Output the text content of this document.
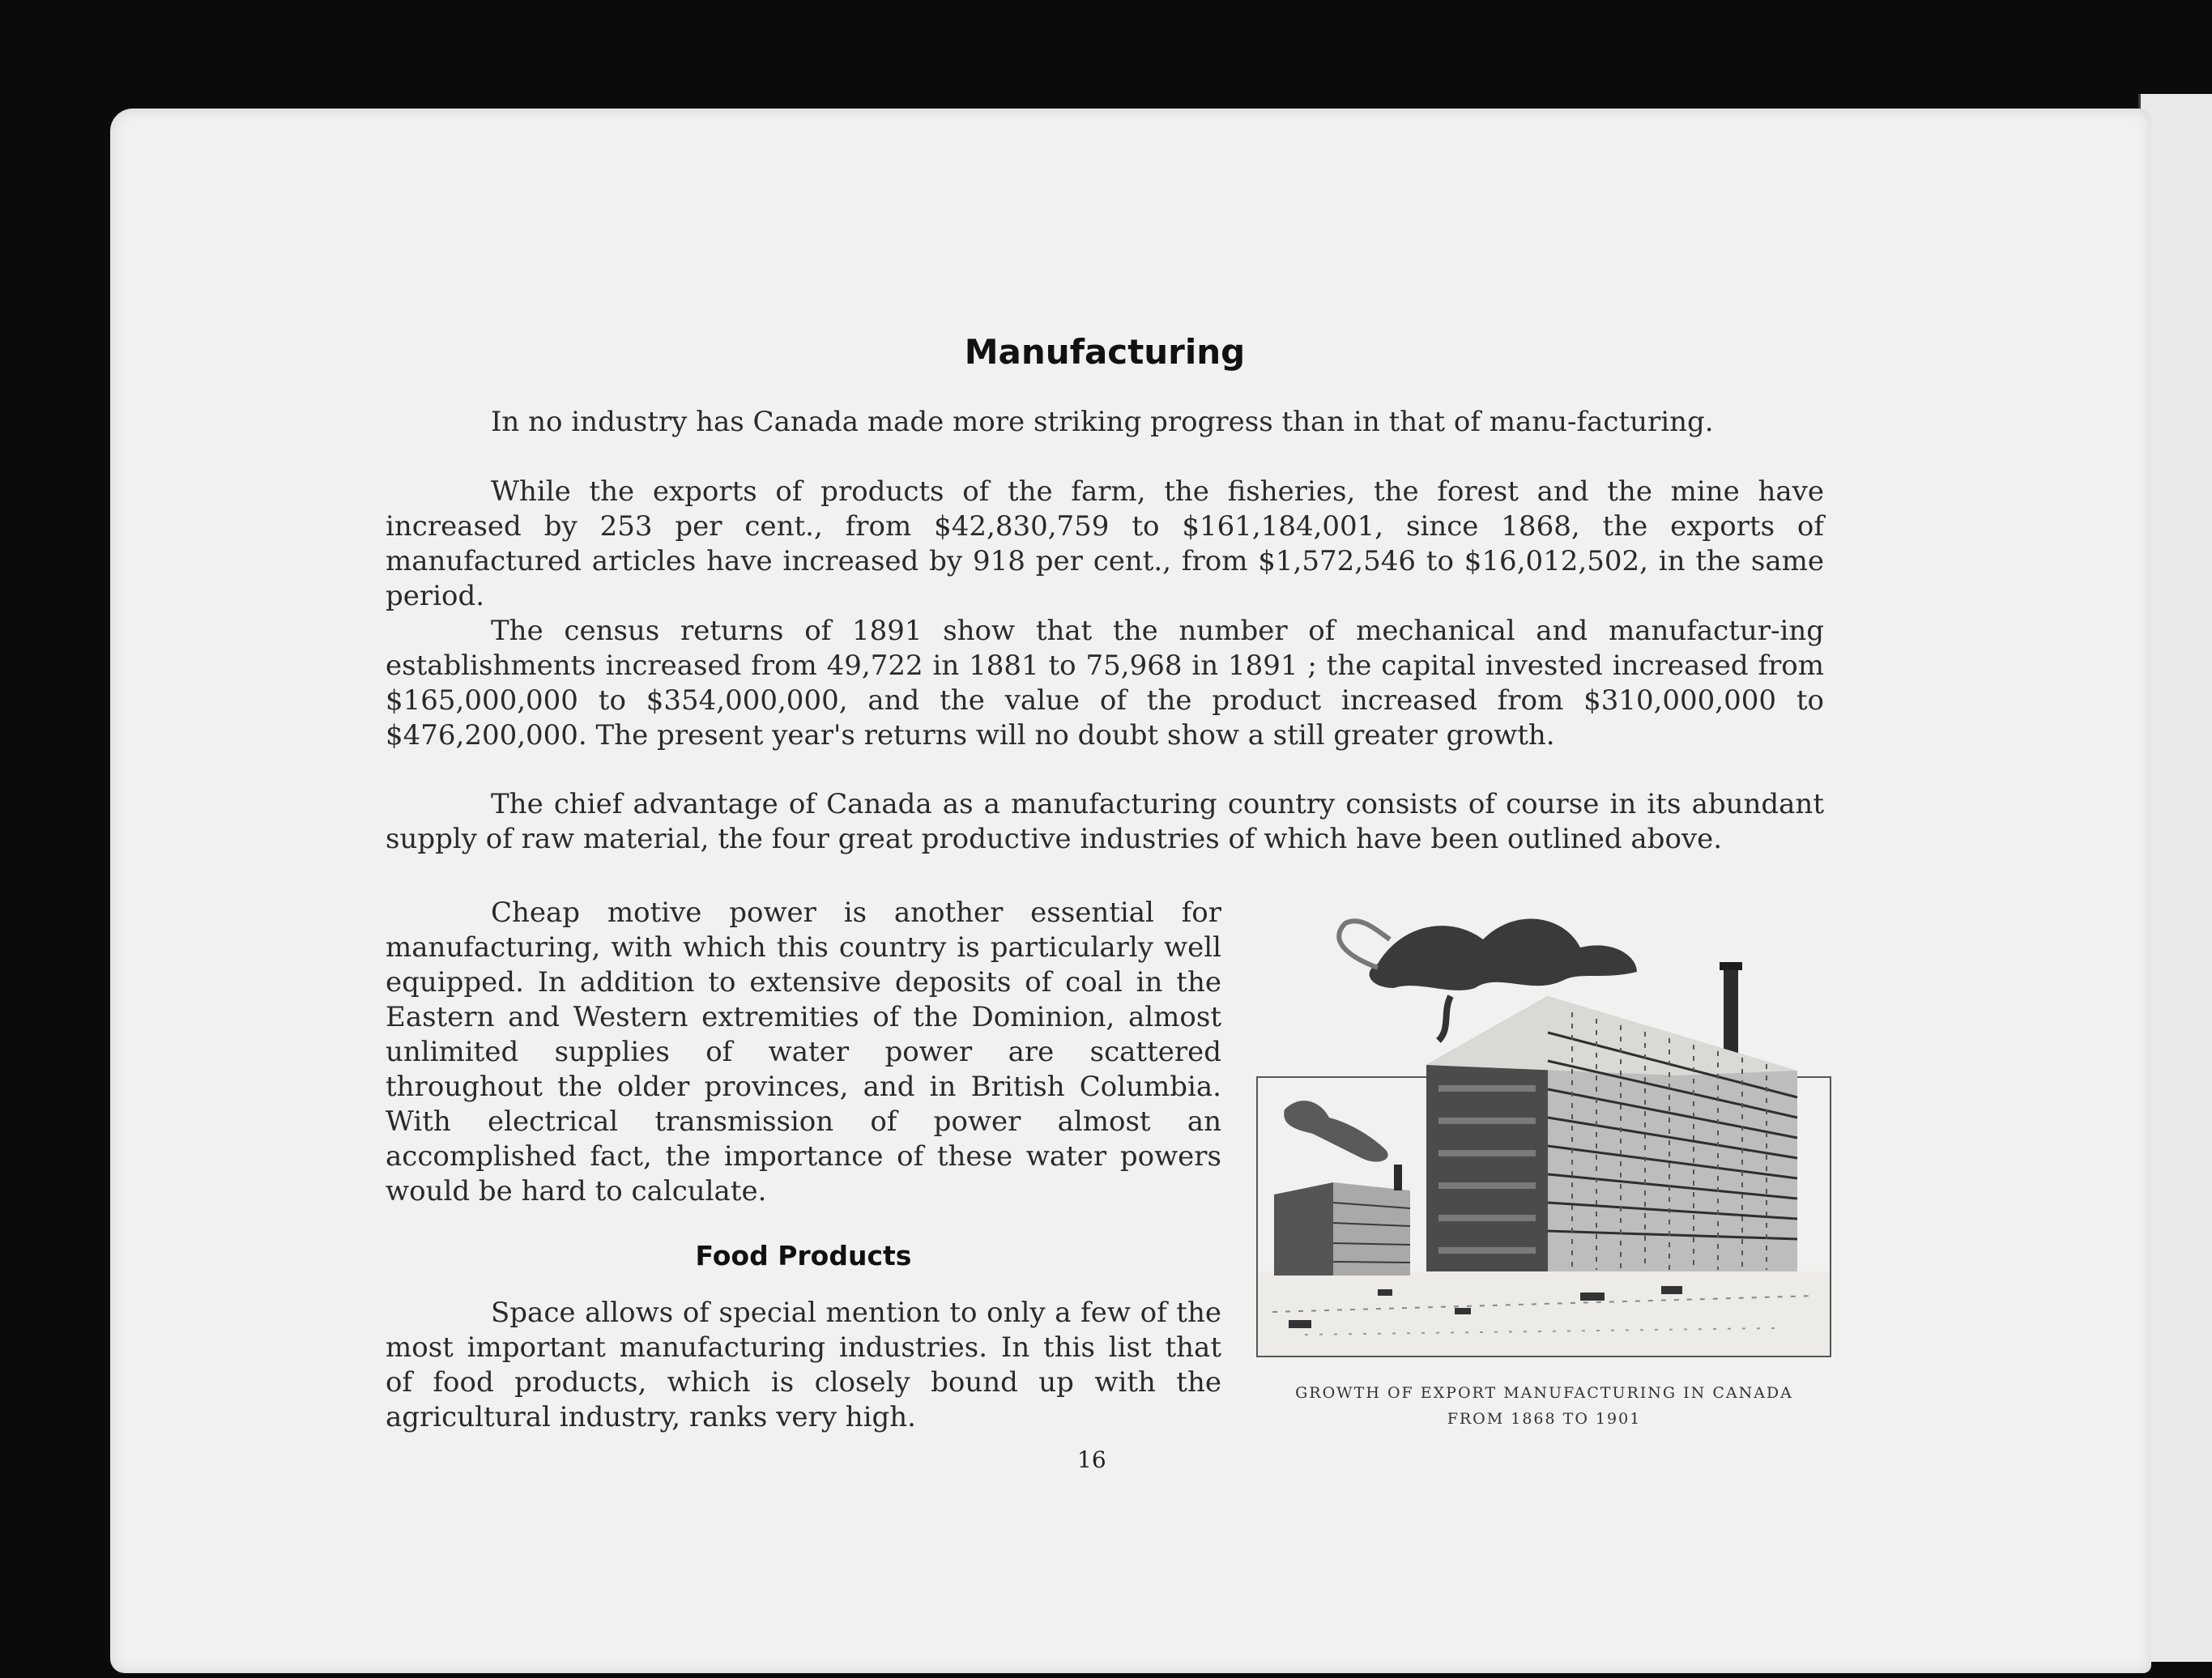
Manufacturing

In no industry has Canada made more striking progress than in that of manu-facturing.

While the exports of products of the farm, the fisheries, the forest and the mine have increased by 253 per cent., from $42,830,759 to $161,184,001, since 1868, the exports of manufactured articles have increased by 918 per cent., from $1,572,546 to $16,012,502, in the same period.

The census returns of 1891 show that the number of mechanical and manufactur-ing establishments increased from 49,722 in 1881 to 75,968 in 1891 ; the capital invested increased from $165,000,000 to $354,000,000, and the value of the product increased from $310,000,000 to $476,200,000. The present year's returns will no doubt show a still greater growth.

The chief advantage of Canada as a manufacturing country consists of course in its abundant supply of raw material, the four great productive industries of which have been outlined above.

Cheap motive power is another essential for manufacturing, with which this country is particularly well equipped. In addition to extensive deposits of coal in the Eastern and Western extremities of the Dominion, almost unlimited supplies of water power are scattered throughout the older provinces, and in British Columbia. With electrical transmission of power almost an accomplished fact, the importance of these water powers would be hard to calculate.

Food Products

Space allows of special mention to only a few of the most important manufacturing industries. In this list that of food products, which is closely bound up with the agricultural industry, ranks very high.

GROWTH OF EXPORT MANUFACTURING IN CANADA
FROM 1868 TO 1901
16
